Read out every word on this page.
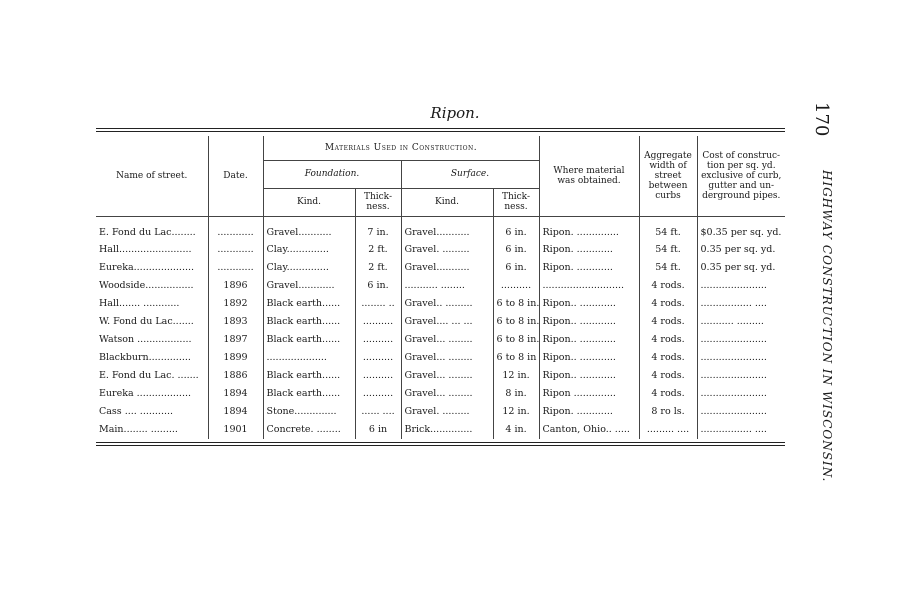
Ripon.	170
HIGHWAY CONSTRUCTION IN WISCONSIN.
Name of street.	Date.	Materials Used in Construction.				Where material was obtained.	Aggregate width of street between curbs	Cost of construc-tion per sq. yd. exclusive of curb, gutter and un-derground pipes.
		Foundation.		Surface.				
		Kind.	Thick-ness.	Kind.	Thick-ness.			
E. Fond du Lac........	............	Gravel...........	7 in.	Gravel...........	6 in.	Ripon. ..............	54 ft.	$0.35 per sq. yd.
Hall........................	............	Clay..............	2 ft.	Gravel. .........	6 in.	Ripon. ............	54 ft.	0.35 per sq. yd.
Eureka....................	............	Clay..............	2 ft.	Gravel...........	6 in.	Ripon. ............	54 ft.	0.35 per sq. yd.
Woodside................	1896	Gravel............	6 in.	........... ........	..........	...........................	4 rods.	......................
Hall....... ............	1892	Black earth......	........ ..	Gravel.. .........	6 to 8 in.	Ripon.. ............	4 rods.	................. ....
W. Fond du Lac.......	1893	Black earth......	..........	Gravel.... ... ...	6 to 8 in.	Ripon.. ............	4 rods.	........... .........
Watson ..................	1897	Black earth......	..........	Gravel... ........	6 to 8 in.	Ripon.. ............	4 rods.	......................
Blackburn..............	1899	....................	..........	Gravel... ........	6 to 8 in	Ripon.. ............	4 rods.	......................
E. Fond du Lac. .......	1886	Black earth......	..........	Gravel... ........	12 in.	Ripon.. ............	4 rods.	......................
Eureka ..................	1894	Black earth......	..........	Gravel... ........	8 in.	Ripon ..............	4 rods.	......................
Cass .... ...........	1894	Stone..............	...... ....	Gravel. .........	12 in.	Ripon. ............	8 ro ls.	......................
Main........ .........	1901	Concrete. ........	6 in	Brick..............	4 in.	Canton, Ohio.. .....	......... ....	................. ....
